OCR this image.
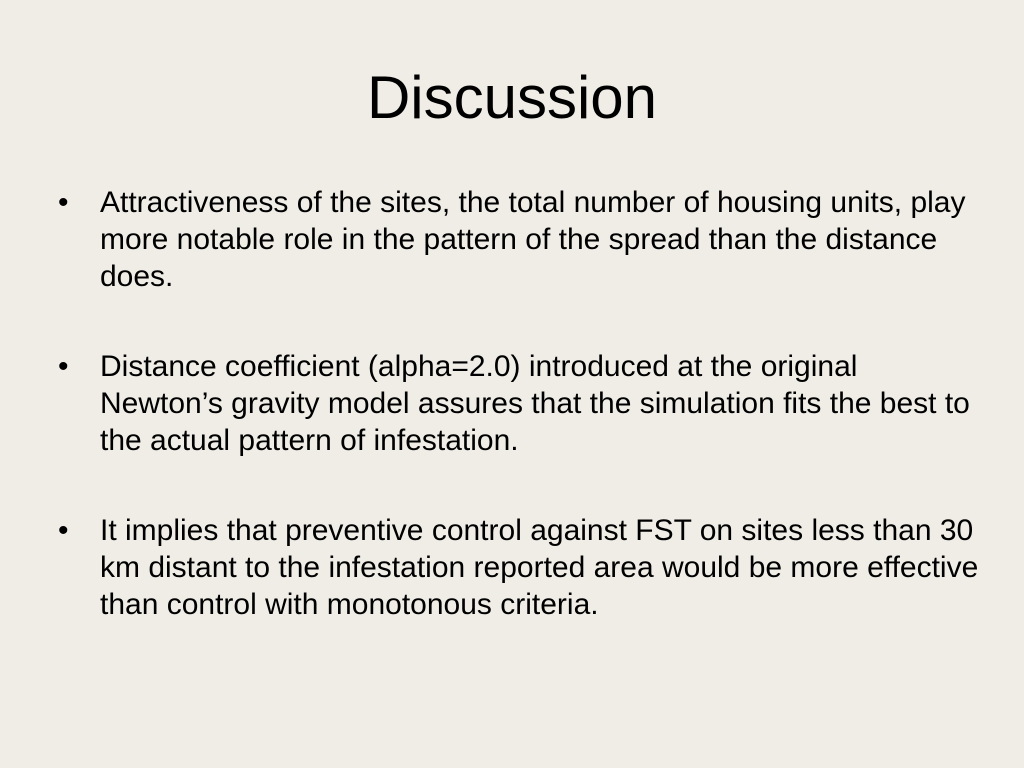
Discussion
•	Attractiveness of the sites, the total number of housing units, play more notable role in the pattern of the spread than the distance does.
•	Distance coefficient (alpha=2.0) introduced at the original Newton’s gravity model assures that the simulation fits the best to the actual pattern of infestation.
•	It implies that preventive control against FST on sites less than 30 km distant to the infestation reported area would be more effective than control with monotonous criteria.
